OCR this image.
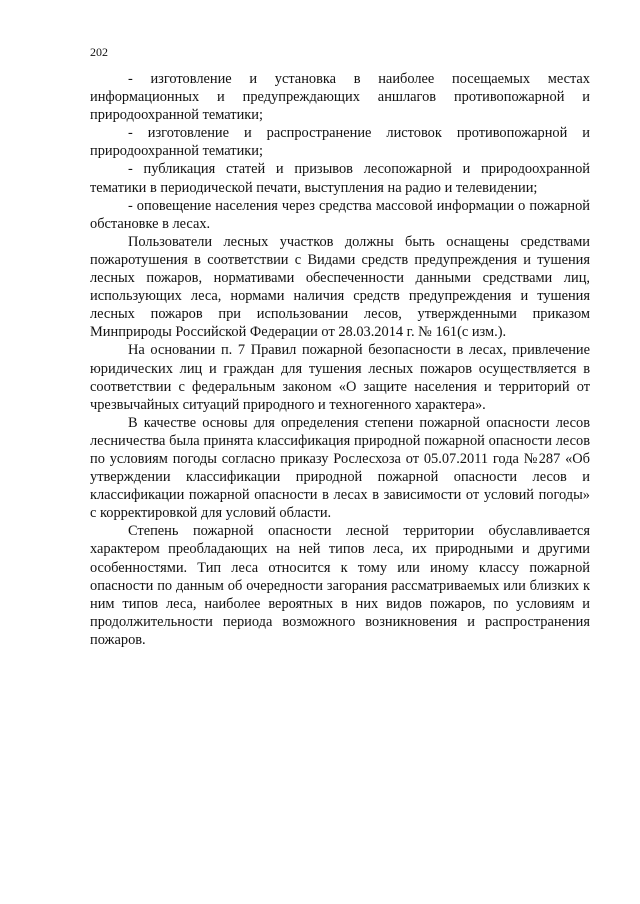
202

- изготовление и установка в наиболее посещаемых местах информационных и предупреждающих аншлагов противопожарной и природоохранной тематики;

- изготовление и распространение листовок противопожарной и природоохранной тематики;

- публикация статей и призывов лесопожарной и природоохранной тематики в периодической печати, выступления на радио и телевидении;

- оповещение населения через средства массовой информации о пожарной обстановке в лесах.

Пользователи лесных участков должны быть оснащены средствами пожаротушения в соответствии с Видами средств предупреждения и тушения лесных пожаров, нормативами обеспеченности данными средствами лиц, использующих леса, нормами наличия средств предупреждения и тушения лесных пожаров при использовании лесов, утвержденными приказом Минприроды Российской Федерации от 28.03.2014 г. № 161(с изм.).

На основании п. 7 Правил пожарной безопасности в лесах, привлечение юридических лиц и граждан для тушения лесных пожаров осуществляется в соответствии с федеральным законом «О защите населения и территорий от чрезвычайных ситуаций природного и техногенного характера».

В качестве основы для определения степени пожарной опасности лесов лесничества была принята классификация природной пожарной опасности лесов по условиям погоды согласно приказу Рослесхоза от 05.07.2011 года №287 «Об утверждении классификации природной пожарной опасности лесов и классификации пожарной опасности в лесах в зависимости от условий погоды» с корректировкой для условий области.

Степень пожарной опасности лесной территории обуславливается характером преобладающих на ней типов леса, их природными и другими особенностями. Тип леса относится к тому или иному классу пожарной опасности по данным об очередности загорания рассматриваемых или близких к ним типов леса, наиболее вероятных в них видов пожаров, по условиям и продолжительности периода возможного возникновения и распространения пожаров.
